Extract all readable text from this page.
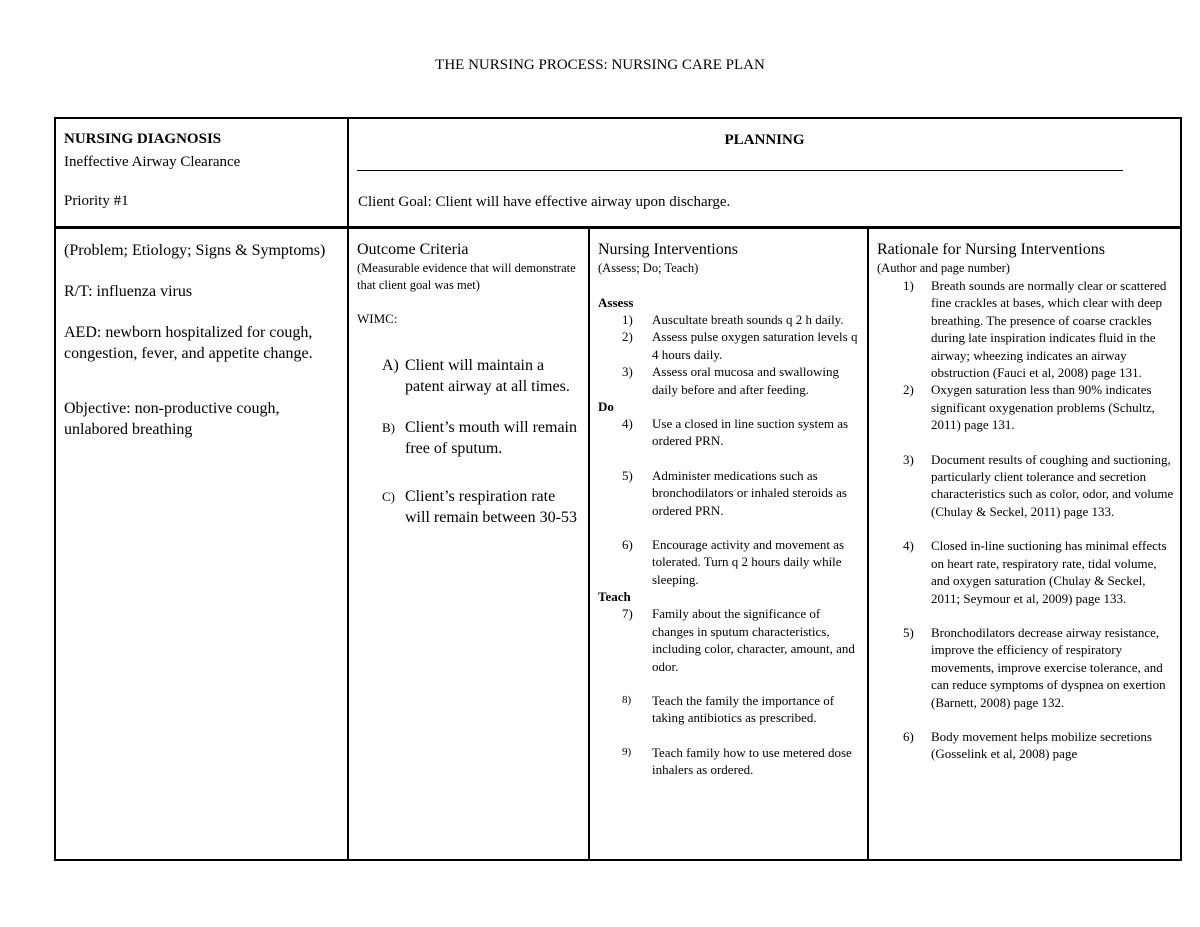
THE NURSING PROCESS: NURSING CARE PLAN
NURSING DIAGNOSIS
Ineffective Airway Clearance
Priority #1
PLANNING
Client Goal: Client will have effective airway upon discharge.
(Problem; Etiology; Signs & Symptoms)
R/T: influenza virus
AED: newborn hospitalized for cough, congestion, fever, and appetite change.
Objective: non-productive cough, unlabored breathing
Outcome Criteria
(Measurable evidence that will demonstrate that client goal was met)
WIMC:
A) Client will maintain a patent airway at all times.
B) Client’s mouth will remain free of sputum.
C) Client’s respiration rate will remain between 30-53
Nursing Interventions
(Assess; Do; Teach)
Assess
1) Auscultate breath sounds q 2 h daily.
2) Assess pulse oxygen saturation levels q 4 hours daily.
3) Assess oral mucosa and swallowing daily before and after feeding.
Do
4) Use a closed in line suction system as ordered PRN.
5) Administer medications such as bronchodilators or inhaled steroids as ordered PRN.
6) Encourage activity and movement as tolerated. Turn q 2 hours daily while sleeping.
Teach
7) Family about the significance of changes in sputum characteristics, including color, character, amount, and odor.
8) Teach the family the importance of taking antibiotics as prescribed.
9) Teach family how to use metered dose inhalers as ordered.
Rationale for Nursing Interventions
(Author and page number)
1) Breath sounds are normally clear or scattered fine crackles at bases, which clear with deep breathing. The presence of coarse crackles during late inspiration indicates fluid in the airway; wheezing indicates an airway obstruction (Fauci et al, 2008) page 131.
2) Oxygen saturation less than 90% indicates significant oxygenation problems (Schultz, 2011) page 131.
3) Document results of coughing and suctioning, particularly client tolerance and secretion characteristics such as color, odor, and volume (Chulay & Seckel, 2011) page 133.
4) Closed in-line suctioning has minimal effects on heart rate, respiratory rate, tidal volume, and oxygen saturation (Chulay & Seckel, 2011; Seymour et al, 2009) page 133.
5) Bronchodilators decrease airway resistance, improve the efficiency of respiratory movements, improve exercise tolerance, and can reduce symptoms of dyspnea on exertion (Barnett, 2008) page 132.
6) Body movement helps mobilize secretions (Gosselink et al, 2008) page
